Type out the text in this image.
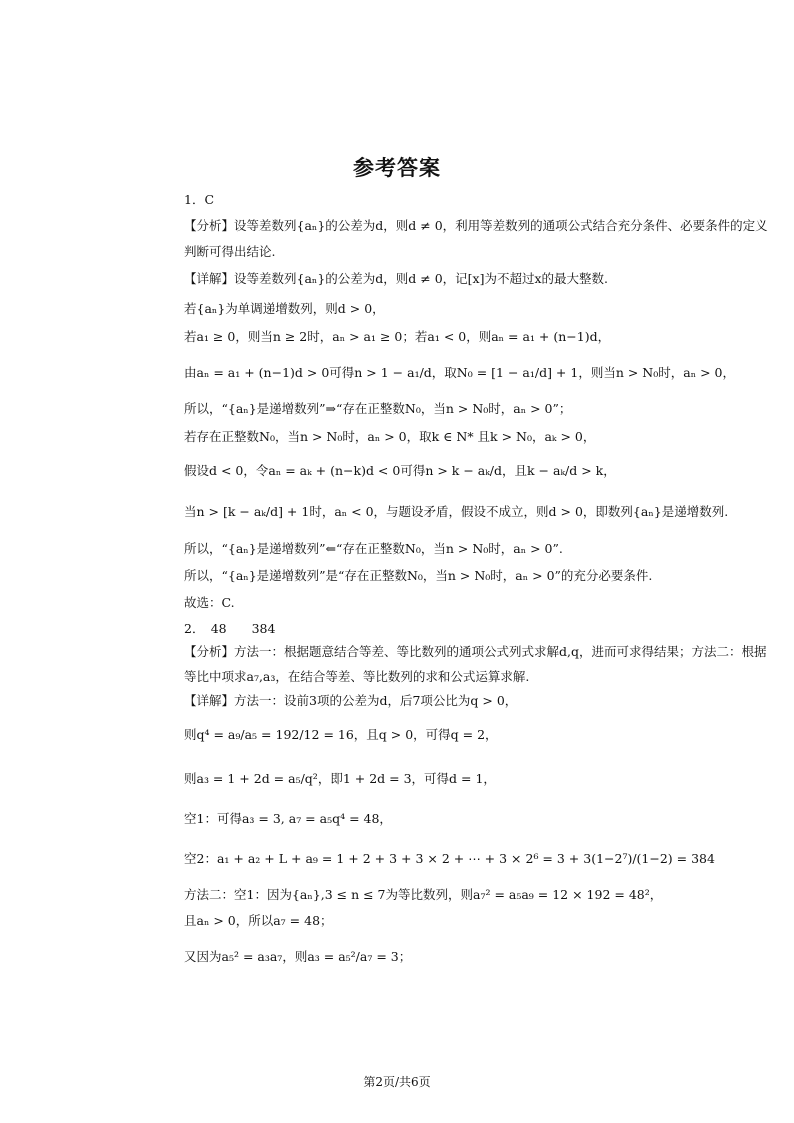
参考答案
1．C
【分析】设等差数列{aₙ}的公差为d，则d ≠ 0，利用等差数列的通项公式结合充分条件、必要条件的定义
判断可得出结论.
【详解】设等差数列{aₙ}的公差为d，则d ≠ 0，记[x]为不超过x的最大整数.
若{aₙ}为单调递增数列，则d > 0，
若a₁ ≥ 0，则当n ≥ 2时，aₙ > a₁ ≥ 0；若a₁ < 0，则aₙ = a₁ + (n−1)d，
由aₙ = a₁ + (n−1)d > 0可得n > 1 − a₁/d，取N₀ = [1 − a₁/d] + 1，则当n > N₀时，aₙ > 0，
所以，“{aₙ}是递增数列”⇒“存在正整数N₀，当n > N₀时，aₙ > 0”；
若存在正整数N₀，当n > N₀时，aₙ > 0，取k ∈ N* 且k > N₀，aₖ > 0，
假设d < 0，令aₙ = aₖ + (n−k)d < 0可得n > k − aₖ/d，且k − aₖ/d > k，
当n > [k − aₖ/d] + 1时，aₙ < 0，与题设矛盾，假设不成立，则d > 0，即数列{aₙ}是递增数列.
所以，“{aₙ}是递增数列”⇐“存在正整数N₀，当n > N₀时，aₙ > 0”.
所以，“{aₙ}是递增数列”是“存在正整数N₀，当n > N₀时，aₙ > 0”的充分必要条件.
故选：C.
2．　48　　384
【分析】方法一：根据题意结合等差、等比数列的通项公式列式求解d,q，进而可求得结果；方法二：根据
等比中项求a₇,a₃，在结合等差、等比数列的求和公式运算求解.
【详解】方法一：设前3项的公差为d，后7项公比为q > 0，
则q⁴ = a₉/a₅ = 192/12 = 16，且q > 0，可得q = 2，
则a₃ = 1 + 2d = a₅/q²，即1 + 2d = 3，可得d = 1，
空1：可得a₃ = 3, a₇ = a₅q⁴ = 48，
空2：a₁ + a₂ + L + a₉ = 1 + 2 + 3 + 3 × 2 + ⋯ + 3 × 2⁶ = 3 + 3(1−2⁷)/(1−2) = 384
方法二：空1：因为{aₙ},3 ≤ n ≤ 7为等比数列，则a₇² = a₅a₉ = 12 × 192 = 48²，
且aₙ > 0，所以a₇ = 48；
又因为a₅² = a₃a₇，则a₃ = a₅²/a₇ = 3；
第2页/共6页
